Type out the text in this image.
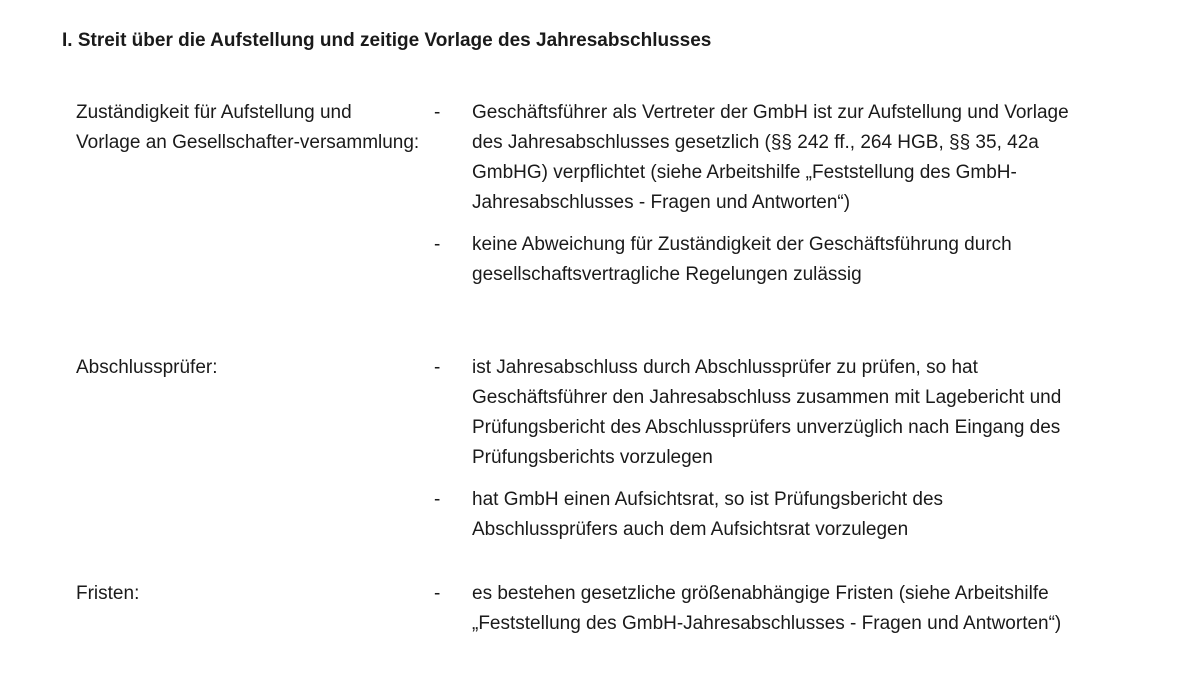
I. Streit über die Aufstellung und zeitige Vorlage des Jahresabschlusses
Zuständigkeit für Aufstellung und Vorlage an Gesellschafter-versammlung:
- Geschäftsführer als Vertreter der GmbH ist zur Aufstellung und Vorlage des Jahresabschlusses gesetzlich (§§ 242 ff., 264 HGB, §§ 35, 42a GmbHG) verpflichtet (siehe Arbeitshilfe „Feststellung des GmbH-Jahresabschlusses - Fragen und Antworten“)
- keine Abweichung für Zuständigkeit der Geschäftsführung durch gesellschaftsvertragliche Regelungen zulässig
Abschlussprüfer:	- ist Jahresabschluss durch Abschlussprüfer zu prüfen, so hat Geschäftsführer den Jahresabschluss zusammen mit Lagebericht und Prüfungsbericht des Abschlussprüfers unverzüglich nach Eingang des Prüfungsberichts vorzulegen
- hat GmbH einen Aufsichtsrat, so ist Prüfungsbericht des Abschlussprüfers auch dem Aufsichtsrat vorzulegen
Fristen:	- es bestehen gesetzliche größenabhängige Fristen (siehe Arbeitshilfe „Feststellung des GmbH-Jahresabschlusses - Fragen und Antworten“)
